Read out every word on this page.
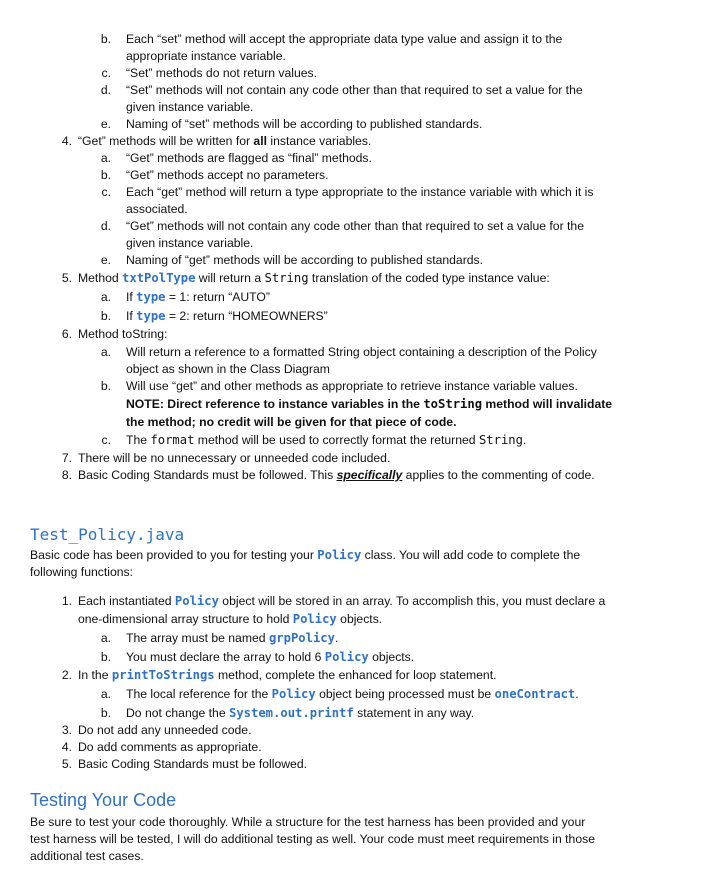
b. Each “set” method will accept the appropriate data type value and assign it to the
appropriate instance variable.
c. “Set” methods do not return values.
d. “Set” methods will not contain any code other than that required to set a value for the
given instance variable.
e. Naming of “set” methods will be according to published standards.
4. “Get” methods will be written for all instance variables.
a. “Get” methods are flagged as “final” methods.
b. “Get” methods accept no parameters.
c. Each “get” method will return a type appropriate to the instance variable with which it is
associated.
d. “Get” methods will not contain any code other than that required to set a value for the
given instance variable.
e. Naming of “get” methods will be according to published standards.
5. Method txtPolType will return a String translation of the coded type instance value:
a. If type = 1: return “AUTO”
b. If type = 2: return “HOMEOWNERS”
6. Method toString:
a. Will return a reference to a formatted String object containing a description of the Policy
object as shown in the Class Diagram
b. Will use “get” and other methods as appropriate to retrieve instance variable values.
NOTE: Direct reference to instance variables in the toString method will invalidate
the method; no credit will be given for that piece of code.
c. The format method will be used to correctly format the returned String.
7. There will be no unnecessary or unneeded code included.
8. Basic Coding Standards must be followed. This specifically applies to the commenting of code.
Test_Policy.java
Basic code has been provided to you for testing your Policy class. You will add code to complete the
following functions:
1. Each instantiated Policy object will be stored in an array. To accomplish this, you must declare a
one-dimensional array structure to hold Policy objects.
a. The array must be named grpPolicy.
b. You must declare the array to hold 6 Policy objects.
2. In the printToStrings method, complete the enhanced for loop statement.
a. The local reference for the Policy object being processed must be oneContract.
b. Do not change the System.out.printf statement in any way.
3. Do not add any unneeded code.
4. Do add comments as appropriate.
5. Basic Coding Standards must be followed.
Testing Your Code
Be sure to test your code thoroughly. While a structure for the test harness has been provided and your
test harness will be tested, I will do additional testing as well. Your code must meet requirements in those
additional test cases.
